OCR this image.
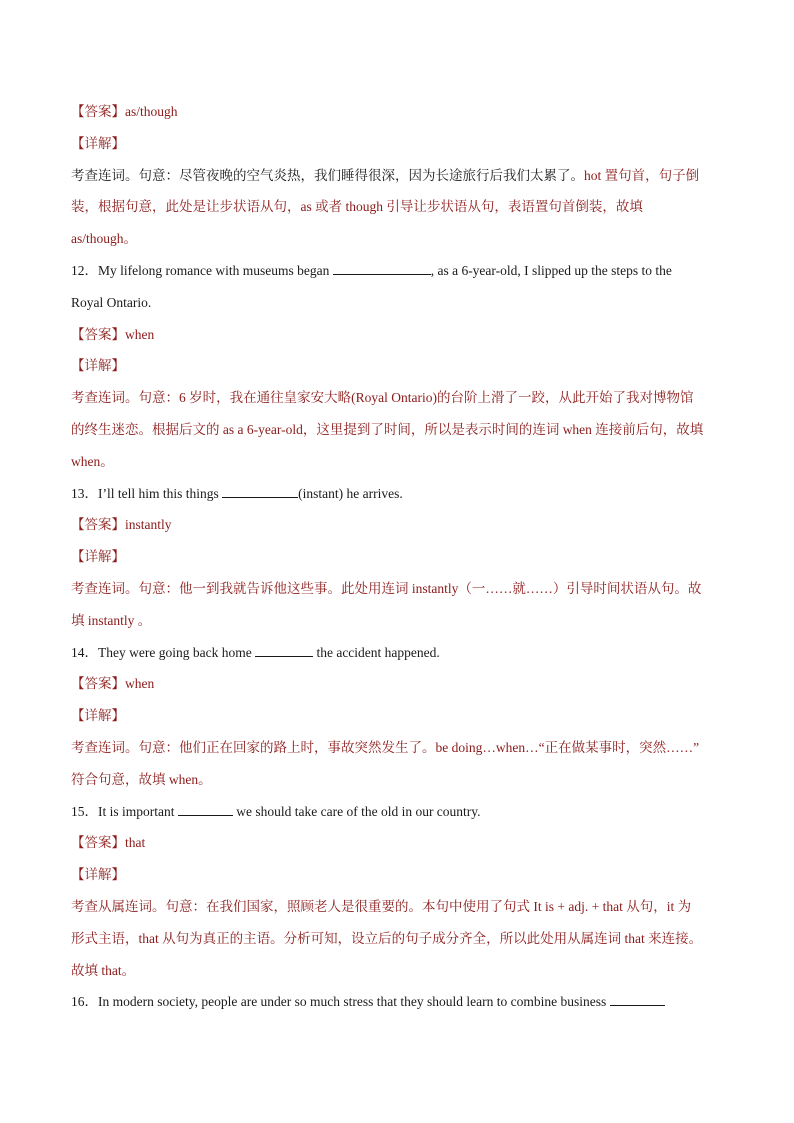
【答案】as/though
【详解】
考查连词。句意：尽管夜晚的空气炎热，我们睡得很深，因为长途旅行后我们太累了。hot 置句首，句子倒
装，根据句意，此处是让步状语从句，as 或者 though 引导让步状语从句，表语置句首倒装，故填
as/though。
12．My lifelong romance with museums began	, as a 6-year-old, I slipped up the steps to the
Royal Ontario.
【答案】when
【详解】
考查连词。句意：6 岁时，我在通往皇家安大略(Royal Ontario)的台阶上滑了一跤，从此开始了我对博物馆
的终生迷恋。根据后文的 as a 6-year-old，这里提到了时间，所以是表示时间的连词 when 连接前后句，故填
when。
13．I’ll tell him this things	(instant) he arrives.
【答案】instantly
【详解】
考查连词。句意：他一到我就告诉他这些事。此处用连词 instantly（一……就……）引导时间状语从句。故
填 instantly 。
14．They were going back home	the accident happened.
【答案】when
【详解】
考查连词。句意：他们正在回家的路上时，事故突然发生了。be doing…when…“正在做某事时，突然……”
符合句意，故填 when。
15．It is important	we should take care of the old in our country.
【答案】that
【详解】
考查从属连词。句意：在我们国家，照顾老人是很重要的。本句中使用了句式 It is + adj. + that 从句，it 为
形式主语，that 从句为真正的主语。分析可知，设立后的句子成分齐全，所以此处用从属连词 that 来连接。
故填 that。
16．In modern society, people are under so much stress that they should learn to combine business
